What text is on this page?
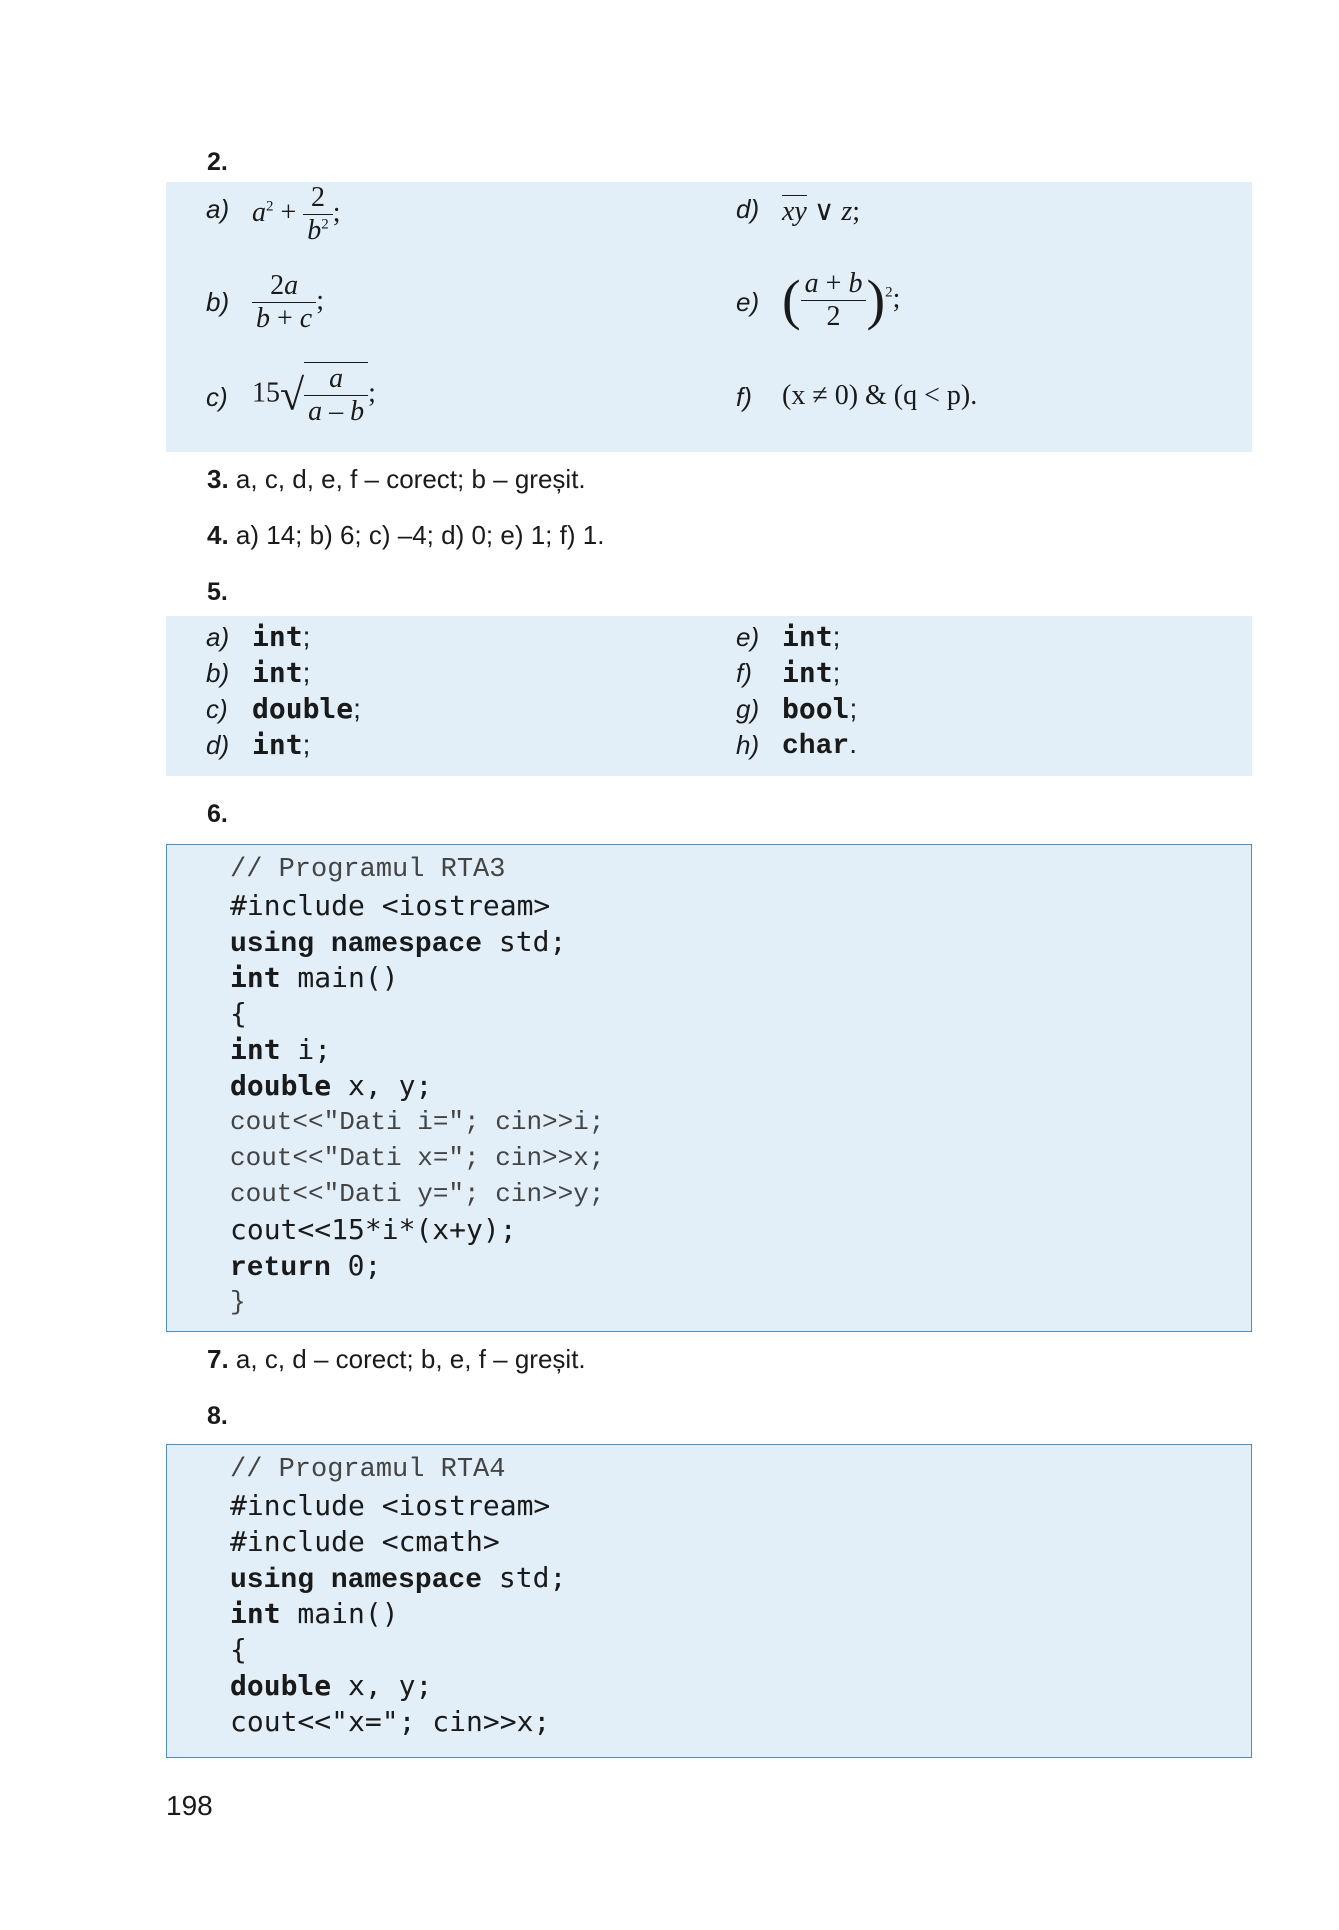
2.
a) $a^2 + \frac{2}{b^2}$ ;
$b) \frac{2a}{b + c}$ ;
c) $15√ \frac{a}{a - b}$ ;
d) xy ∨ z;
e) ( $\frac{a + b}{2} )^2$;
f) (x ≠ 0) & (q < p).
3. a, c, d, e, f – corect; b – greșit.
4. a) 14; b) 6; c) –4; d) 0; e) 1; f) 1.
5.
a) int;
b) int;
c) double;
d) int;
e) int;
f) int;
g) bool;
h) char.
6.
// Programul RTA3
#include <iostream>
using namespace std;
int main()
{
int i;
double x, y;
cout<<"Dati i="; cin>>i;
cout<<"Dati x="; cin>>x;
cout<<"Dati y="; cin>>y;
cout<<15*i*(x+y);
return 0;
}
7. a, c, d – corect; b, e, f – greșit.
8.
// Programul RTA4
#include <iostream>
#include <cmath>
using namespace std;
int main()
{
double x, y;
cout<<"x="; cin>>x;
198
